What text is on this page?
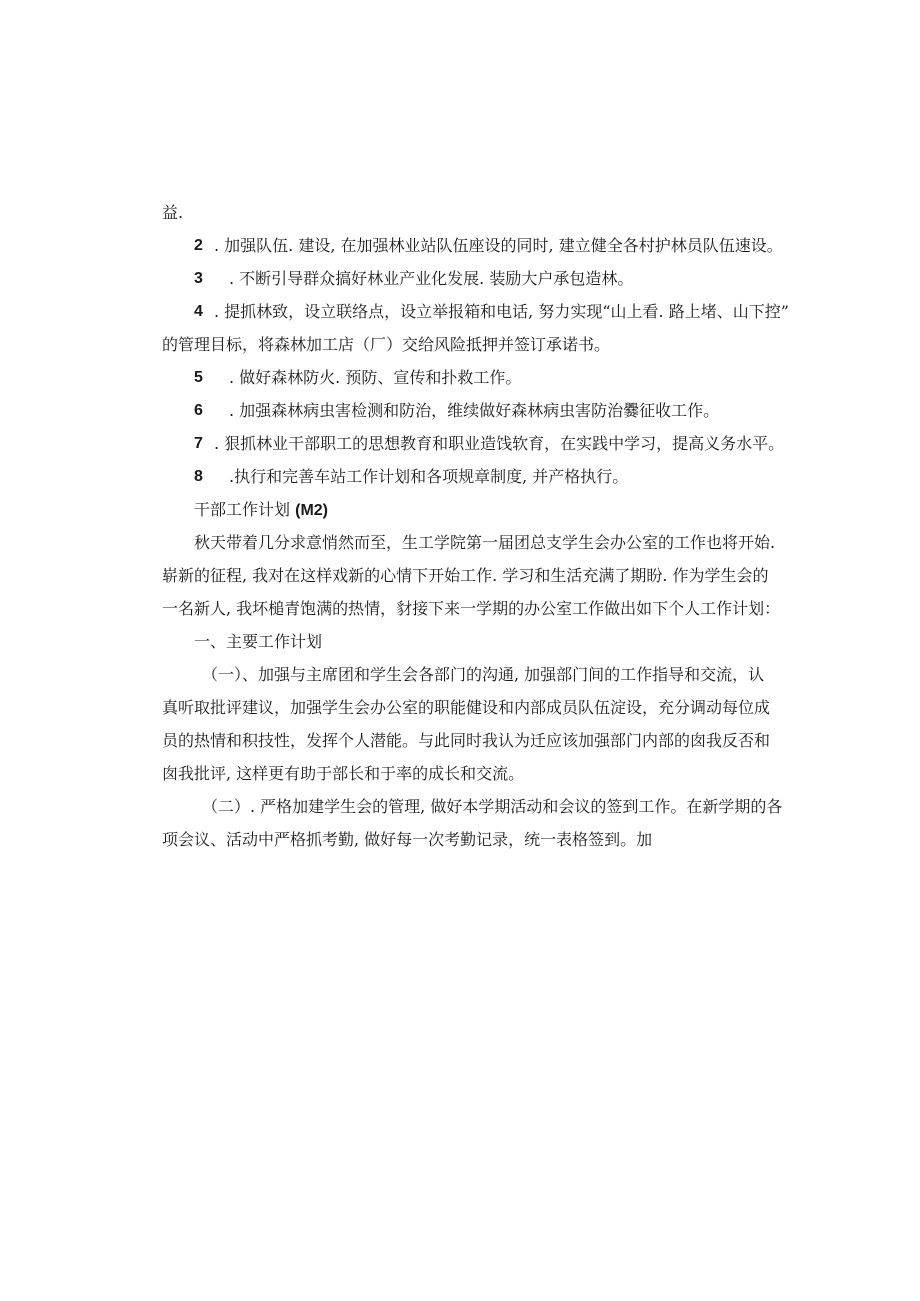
益.
2 . 加强队伍. 建设, 在加强林业站队伍座设的同时, 建立健全各村护林员队伍速设。
3 . 不断引导群众搞好林业产业化发展. 装励大户承包造林。
4 . 提抓林致，设立联络点，设立举报箱和电话, 努力实现“山上看. 路上堵、山下控”
的管理目标，将森林加工店（厂）交给风险抵押并签订承诺书。
5 . 做好森林防火. 预防、宣传和扑救工作。
6 . 加强森林病虫害检测和防治，维续做好森林病虫害防治爨征收工作。
7 . 狠抓林业干部职工的思想教育和职业造饯软育，在实践中学习，提高义务水平。
8 .执行和完善车站工作计划和各项规章制度, 并产格执行。
干部工作计划 (M2)
秋天带着几分求意悄然而至，生工学院第一届团总支学生会办公室的工作也将开始.
崭新的征程, 我对在这样戏新的心情下开始工作. 学习和生活充满了期盼. 作为学生会的
一名新人, 我坏槌青饱满的热情，豺接下来一学期的办公室工作做出如下个人工作计划：
一、主要工作计划
（一）、加强与主席团和学生会各部门的沟通, 加强部门间的工作指导和交流，认
真听取批评建议，加强学生会办公室的职能健设和内部成员队伍淀设，充分调动每位成
员的热情和积技性，发挥个人潜能。与此同时我认为迁应该加强部门内部的囱我反否和
囱我批评, 这样更有助于部长和于率的成长和交流。
（二）. 严格加建学生会的管理, 做好本学期活动和会议的签到工作。在新学期的各
项会议、活动中严格抓考勤, 做好每一次考勤记录，统一表格签到。加
